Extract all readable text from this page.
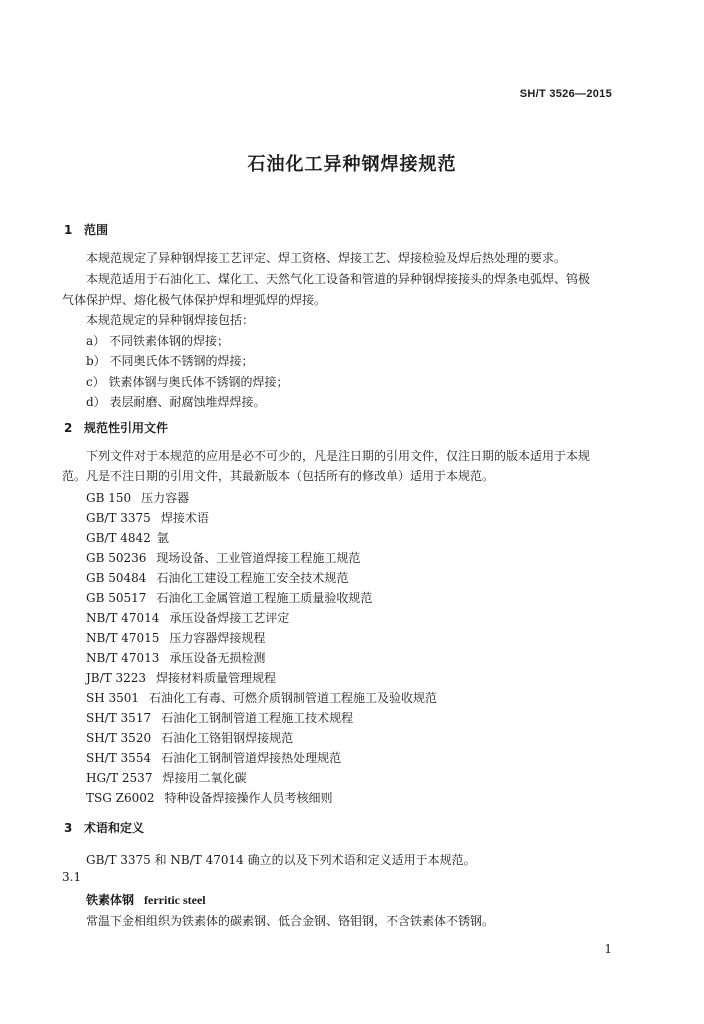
SH/T 3526—2015
石油化工异种钢焊接规范
1 范围
本规范规定了异种钢焊接工艺评定、焊工资格、焊接工艺、焊接检验及焊后热处理的要求。
本规范适用于石油化工、煤化工、天然气化工设备和管道的异种钢焊接接头的焊条电弧焊、钨极
气体保护焊、熔化极气体保护焊和埋弧焊的焊接。
本规范规定的异种钢焊接包括：
a） 不同铁素体钢的焊接；
b） 不同奥氏体不锈钢的焊接；
c） 铁素体钢与奥氏体不锈钢的焊接；
d） 表层耐磨、耐腐蚀堆焊焊接。
2 规范性引用文件
下列文件对于本规范的应用是必不可少的，凡是注日期的引用文件，仅注日期的版本适用于本规
范。凡是不注日期的引用文件，其最新版本（包括所有的修改单）适用于本规范。
GB 150 压力容器
GB/T 3375 焊接术语
GB/T 4842 氩
GB 50236 现场设备、工业管道焊接工程施工规范
GB 50484 石油化工建设工程施工安全技术规范
GB 50517 石油化工金属管道工程施工质量验收规范
NB/T 47014 承压设备焊接工艺评定
NB/T 47015 压力容器焊接规程
NB/T 47013 承压设备无损检测
JB/T 3223 焊接材料质量管理规程
SH 3501 石油化工有毒、可燃介质钢制管道工程施工及验收规范
SH/T 3517 石油化工钢制管道工程施工技术规程
SH/T 3520 石油化工铬钼钢焊接规范
SH/T 3554 石油化工钢制管道焊接热处理规范
HG/T 2537 焊接用二氧化碳
TSG Z6002 特种设备焊接操作人员考核细则
3 术语和定义
GB/T 3375 和 NB/T 47014 确立的以及下列术语和定义适用于本规范。
3.1
铁素体钢 ferritic steel
常温下金相组织为铁素体的碳素钢、低合金钢、铬钼钢，不含铁素体不锈钢。
1
